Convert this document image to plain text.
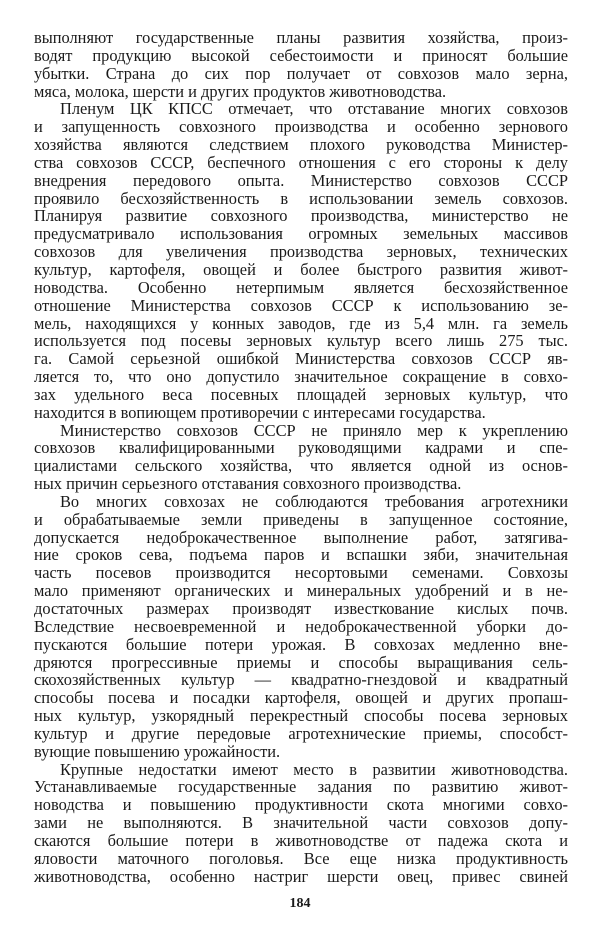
выполняют государственные планы развития хозяйства, произ-
водят продукцию высокой себестоимости и приносят большие
убытки. Страна до сих пор получает от совхозов мало зерна,
мяса, молока, шерсти и других продуктов животноводства.
Пленум ЦК КПСС отмечает, что отставание многих совхозов
и запущенность совхозного производства и особенно зернового
хозяйства являются следствием плохого руководства Министер-
ства совхозов СССР, беспечного отношения с его стороны к делу
внедрения передового опыта. Министерство совхозов СССР
проявило бесхозяйственность в использовании земель совхозов.
Планируя развитие совхозного производства, министерство не
предусматривало использования огромных земельных массивов
совхозов для увеличения производства зерновых, технических
культур, картофеля, овощей и более быстрого развития живот-
новодства. Особенно нетерпимым является бесхозяйственное
отношение Министерства совхозов СССР к использованию зе-
мель, находящихся у конных заводов, где из 5,4 млн. га земель
используется под посевы зерновых культур всего лишь 275 тыс.
га. Самой серьезной ошибкой Министерства совхозов СССР яв-
ляется то, что оно допустило значительное сокращение в совхо-
зах удельного веса посевных площадей зерновых культур, что
находится в вопиющем противоречии с интересами государства.
Министерство совхозов СССР не приняло мер к укреплению
совхозов квалифицированными руководящими кадрами и спе-
циалистами сельского хозяйства, что является одной из основ-
ных причин серьезного отставания совхозного производства.
Во многих совхозах не соблюдаются требования агротехники
и обрабатываемые земли приведены в запущенное состояние,
допускается недоброкачественное выполнение работ, затягива-
ние сроков сева, подъема паров и вспашки зяби, значительная
часть посевов производится несортовыми семенами. Совхозы
мало применяют органических и минеральных удобрений и в не-
достаточных размерах производят известкование кислых почв.
Вследствие несвоевременной и недоброкачественной уборки до-
пускаются большие потери урожая. В совхозах медленно вне-
дряются прогрессивные приемы и способы выращивания сель-
скохозяйственных культур — квадратно-гнездовой и квадратный
способы посева и посадки картофеля, овощей и других пропаш-
ных культур, узкорядный перекрестный способы посева зерновых
культур и другие передовые агротехнические приемы, способст-
вующие повышению урожайности.
Крупные недостатки имеют место в развитии животноводства.
Устанавливаемые государственные задания по развитию живот-
новодства и повышению продуктивности скота многими совхо-
зами не выполняются. В значительной части совхозов допу-
скаются большие потери в животноводстве от падежа скота и
яловости маточного поголовья. Все еще низка продуктивность
животноводства, особенно настриг шерсти овец, привес свиней
184
